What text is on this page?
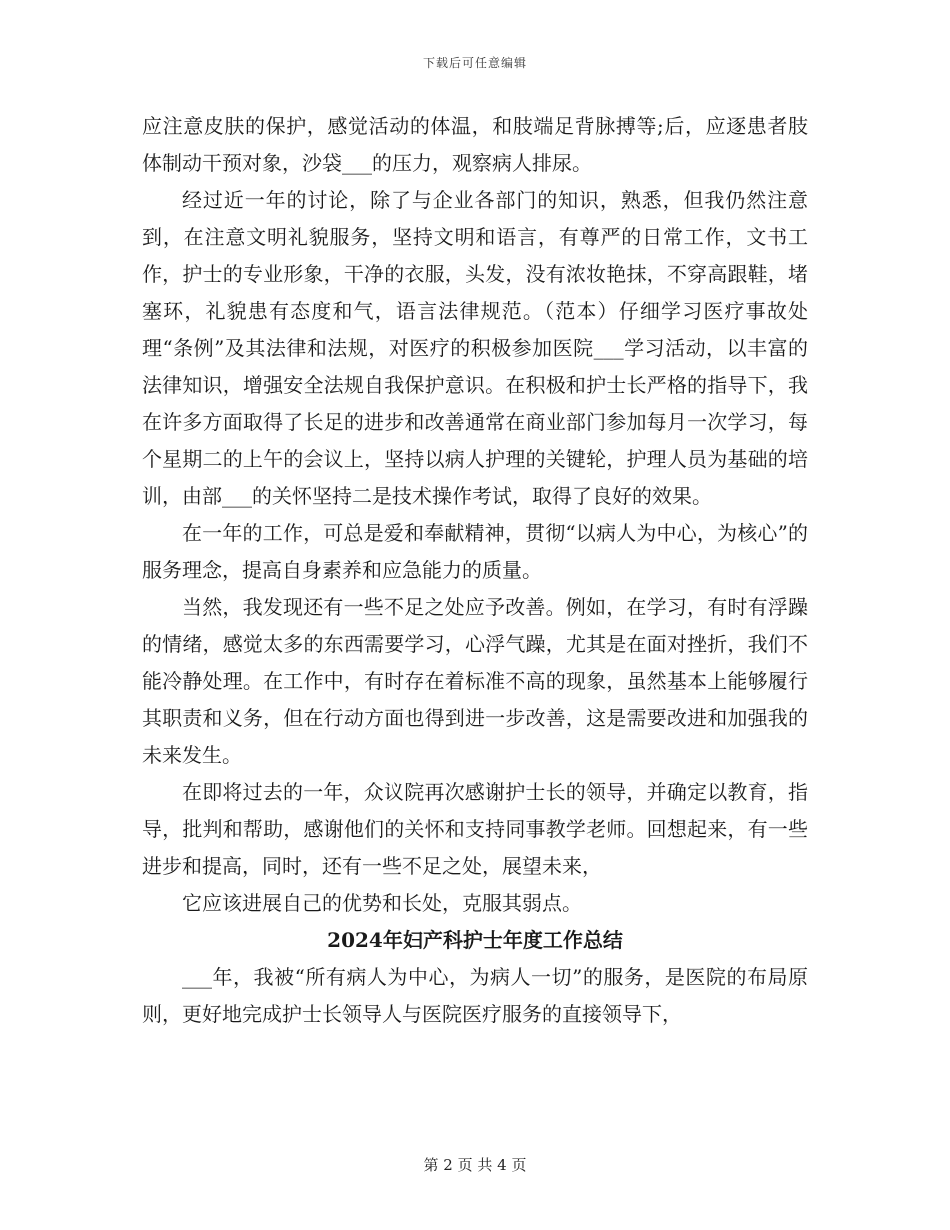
下载后可任意编辑

应注意皮肤的保护，感觉活动的体温，和肢端足背脉搏等;后，应逐患者肢体制动干预对象，沙袋___的压力，观察病人排尿。

经过近一年的讨论，除了与企业各部门的知识，熟悉，但我仍然注意到，在注意文明礼貌服务，坚持文明和语言，有尊严的日常工作，文书工作，护士的专业形象，干净的衣服，头发，没有浓妆艳抹，不穿高跟鞋，堵塞环，礼貌患有态度和气，语言法律规范。（范本）仔细学习医疗事故处理“条例”及其法律和法规，对医疗的积极参加医院___学习活动，以丰富的法律知识，增强安全法规自我保护意识。在积极和护士长严格的指导下，我在许多方面取得了长足的进步和改善通常在商业部门参加每月一次学习，每个星期二的上午的会议上，坚持以病人护理的关键轮，护理人员为基础的培训，由部___的关怀坚持二是技术操作考试，取得了良好的效果。

在一年的工作，可总是爱和奉献精神，贯彻“以病人为中心，为核心”的服务理念，提高自身素养和应急能力的质量。

当然，我发现还有一些不足之处应予改善。例如，在学习，有时有浮躁的情绪，感觉太多的东西需要学习，心浮气躁，尤其是在面对挫折，我们不能冷静处理。在工作中，有时存在着标准不高的现象，虽然基本上能够履行其职责和义务，但在行动方面也得到进一步改善，这是需要改进和加强我的未来发生。

在即将过去的一年，众议院再次感谢护士长的领导，并确定以教育，指导，批判和帮助，感谢他们的关怀和支持同事教学老师。回想起来，有一些进步和提高，同时，还有一些不足之处，展望未来，

它应该进展自己的优势和长处，克服其弱点。

2024年妇产科护士年度工作总结

___年，我被“所有病人为中心，为病人一切”的服务，是医院的布局原则，更好地完成护士长领导人与医院医疗服务的直接领导下，

第 2 页 共 4 页
